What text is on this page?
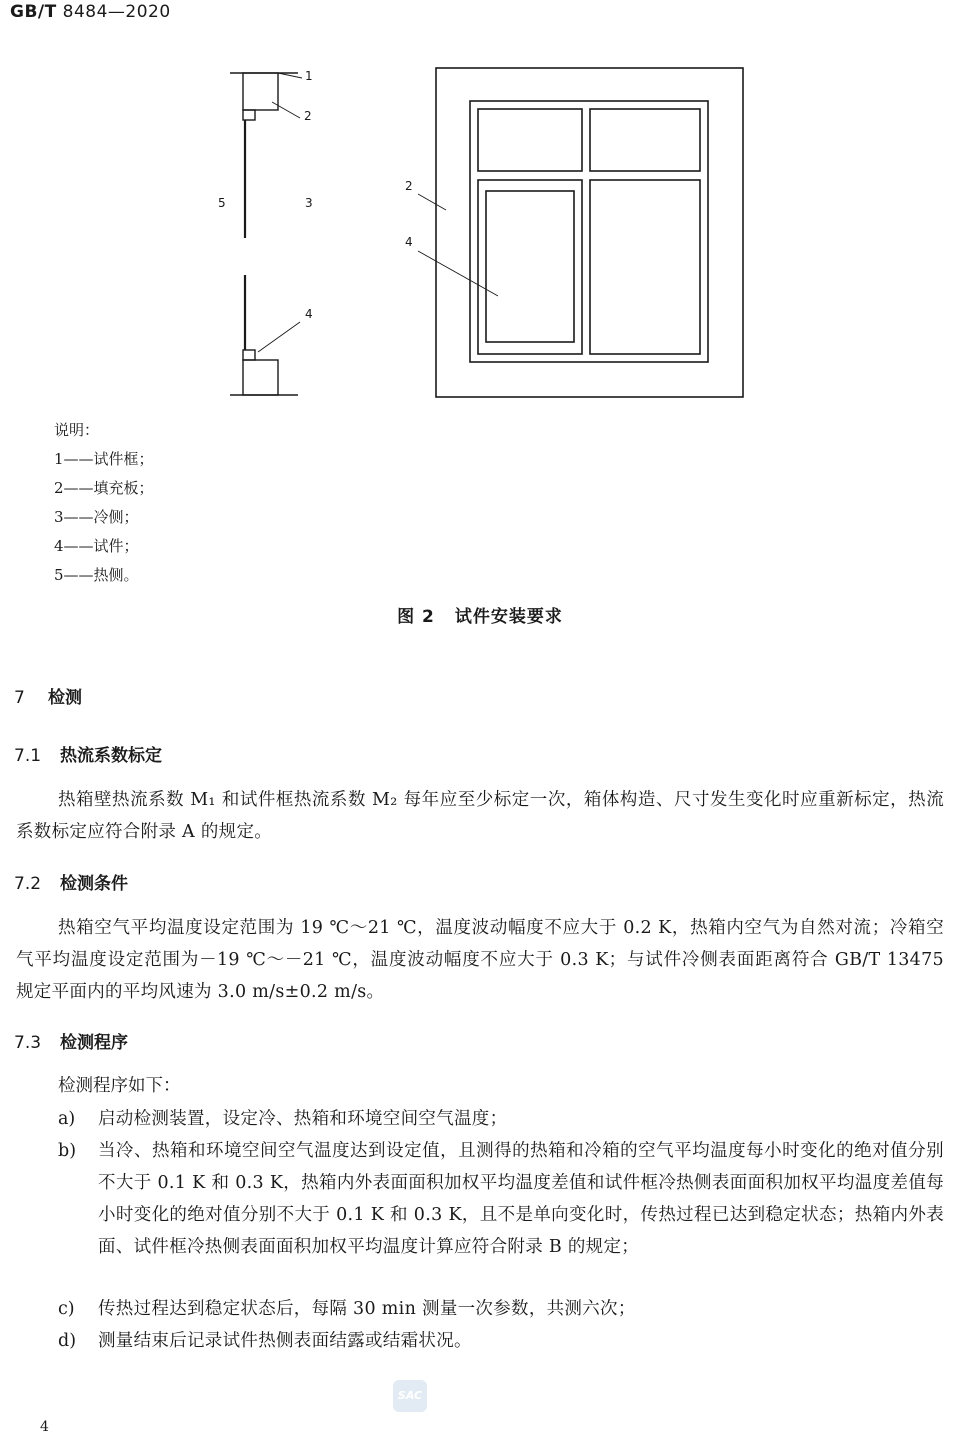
GB/T 8484—2020
1
2
3
4
5
2
4
说明：
1——试件框；
2——填充板；
3——冷侧；
4——试件；
5——热侧。
图 2 试件安装要求
7 检测
7.1 热流系数标定

热箱壁热流系数 M₁ 和试件框热流系数 M₂ 每年应至少标定一次，箱体构造、尺寸发生变化时应重新标定，热流系数标定应符合附录 A 的规定。

7.2 检测条件

热箱空气平均温度设定范围为 19 ℃～21 ℃，温度波动幅度不应大于 0.2 K，热箱内空气为自然对流；冷箱空气平均温度设定范围为－19 ℃～－21 ℃，温度波动幅度不应大于 0.3 K；与试件冷侧表面距离符合 GB/T 13475 规定平面内的平均风速为 3.0 m/s±0.2 m/s。

7.3 检测程序
检测程序如下：
a)	启动检测装置，设定冷、热箱和环境空间空气温度；
b)	当冷、热箱和环境空间空气温度达到设定值，且测得的热箱和冷箱的空气平均温度每小时变化的绝对值分别不大于 0.1 K 和 0.3 K，热箱内外表面面积加权平均温度差值和试件框冷热侧表面面积加权平均温度差值每小时变化的绝对值分别不大于 0.1 K 和 0.3 K，且不是单向变化时，传热过程已达到稳定状态；热箱内外表面、试件框冷热侧表面面积加权平均温度计算应符合附录 B 的规定；
c)	传热过程达到稳定状态后，每隔 30 min 测量一次参数，共测六次；
d)	测量结束后记录试件热侧表面结露或结霜状况。
SAC
4
